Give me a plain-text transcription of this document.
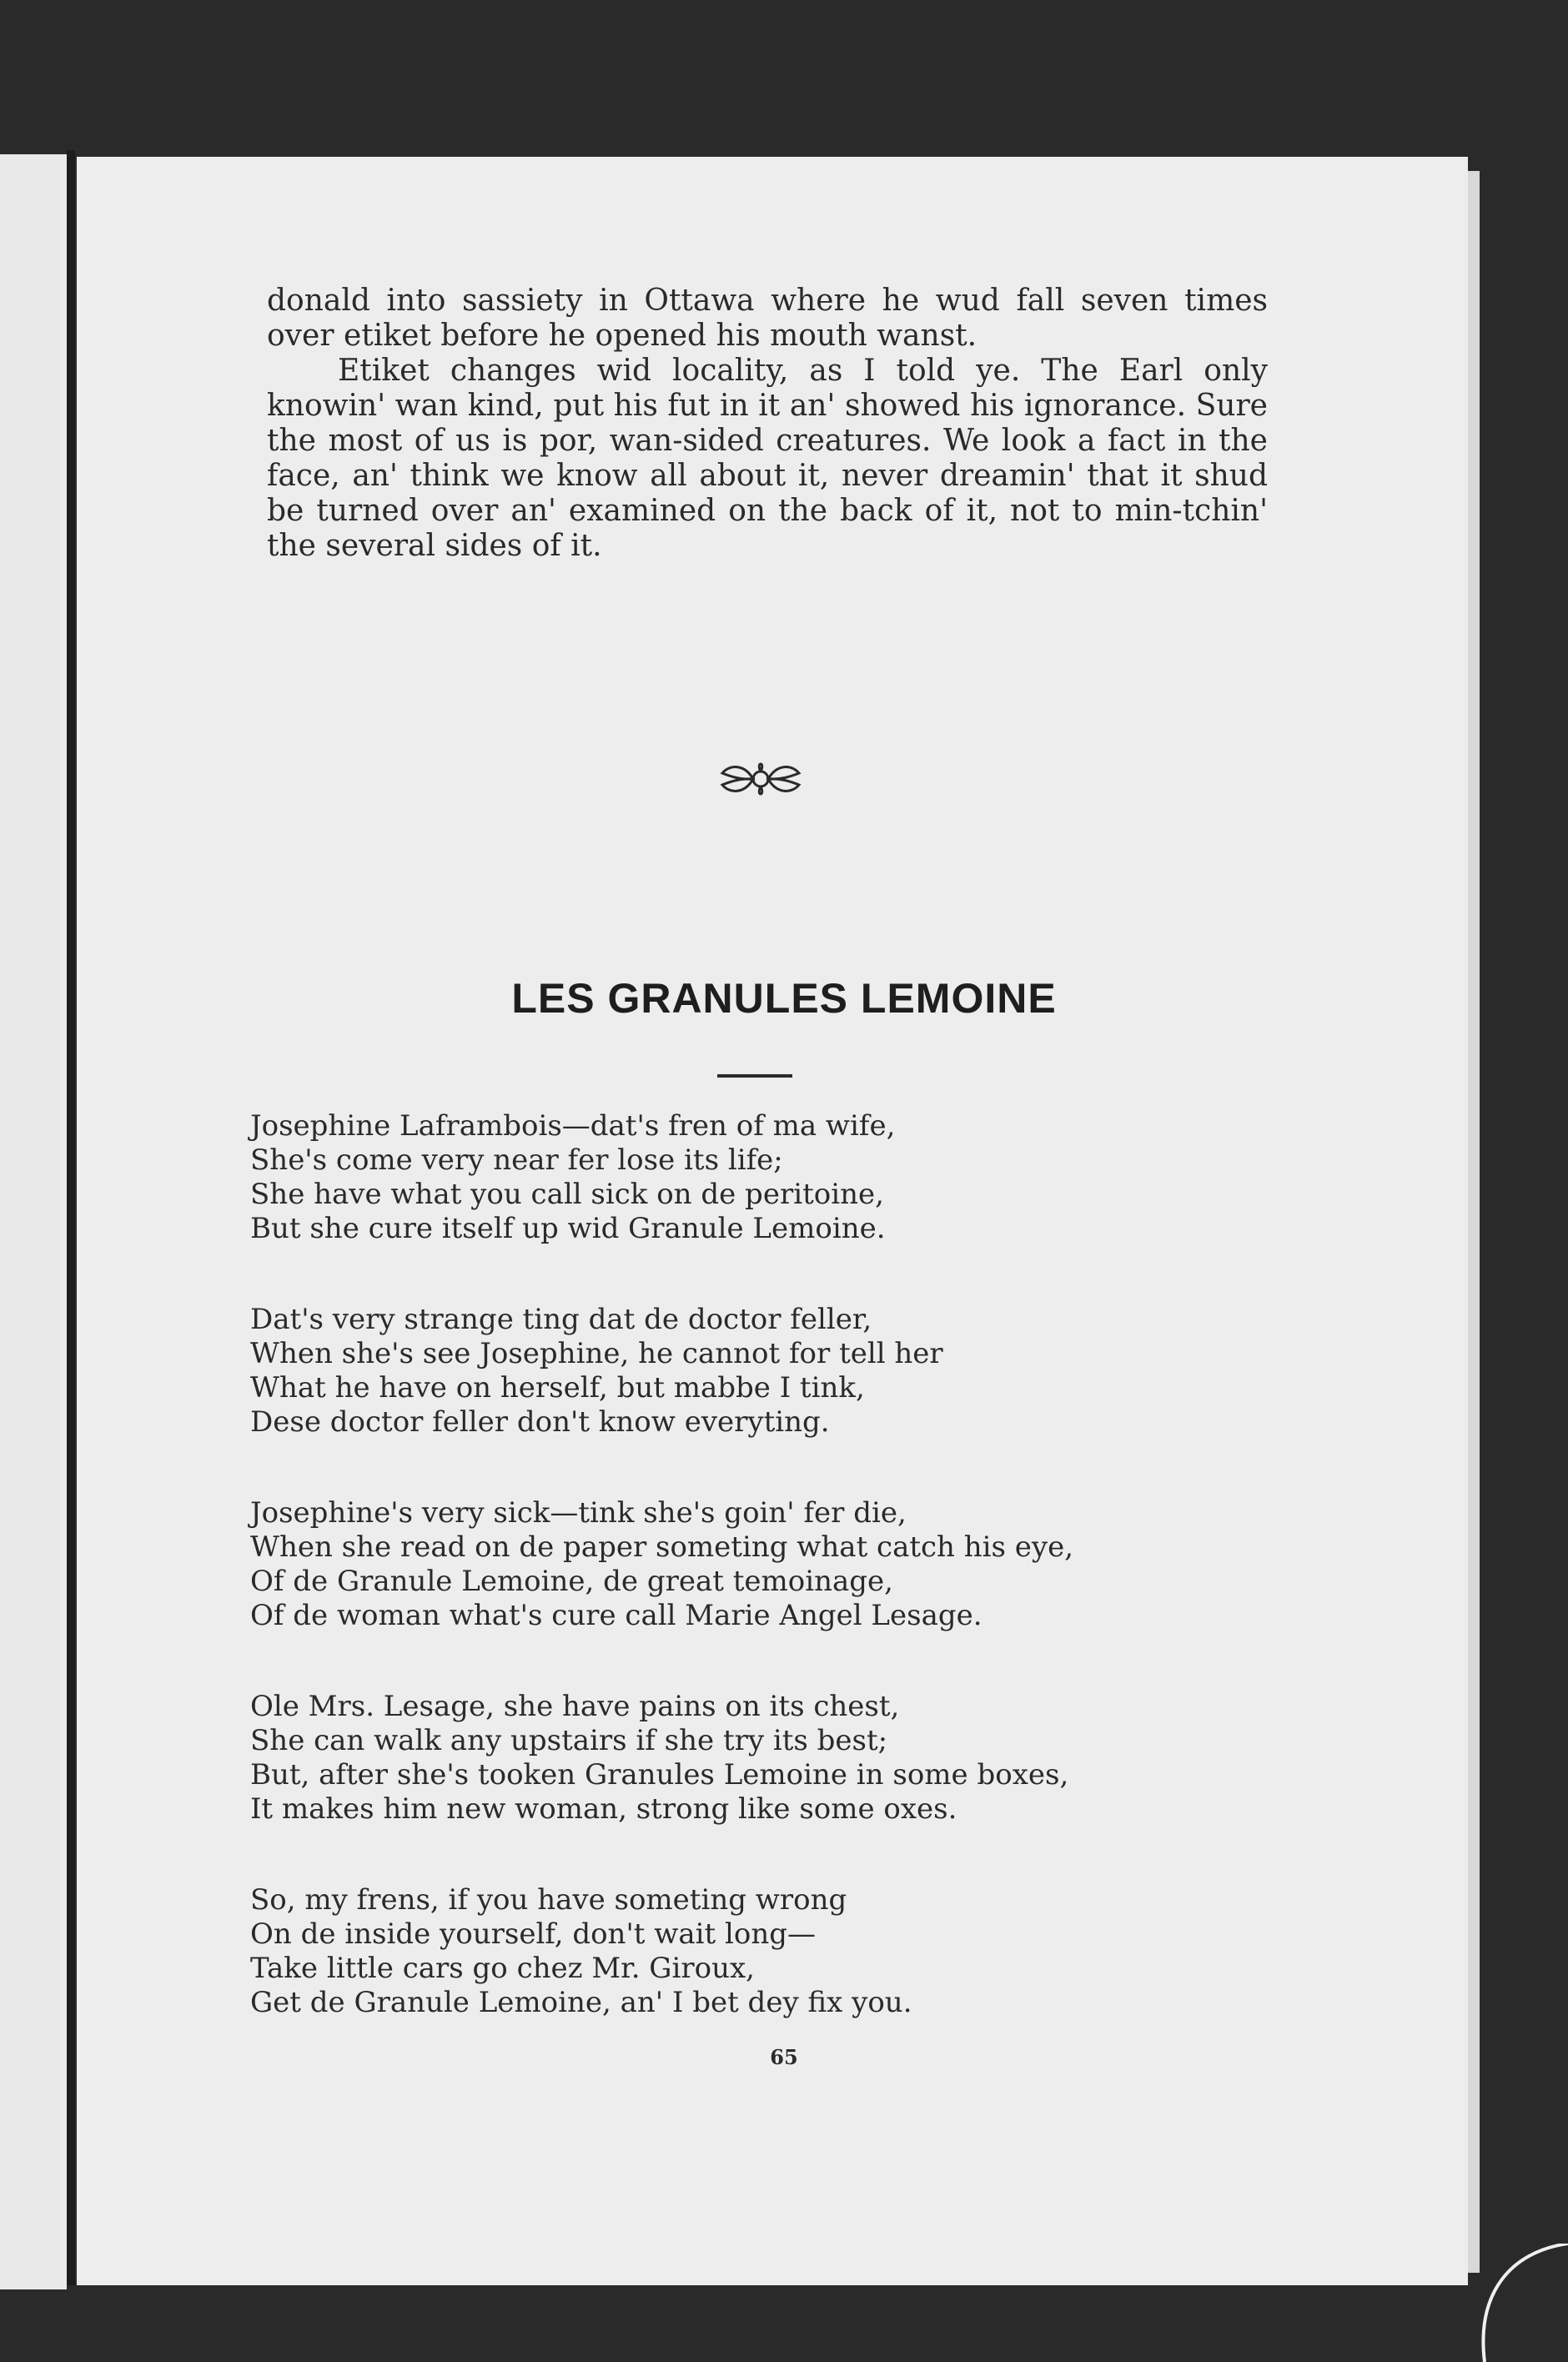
donald into sassiety in Ottawa where he wud fall seven times over etiket before he opened his mouth wanst.

Etiket changes wid locality, as I told ye. The Earl only knowin' wan kind, put his fut in it an' showed his ignorance. Sure the most of us is por, wan-sided creatures. We look a fact in the face, an' think we know all about it, never dreamin' that it shud be turned over an' examined on the back of it, not to min-tchin' the several sides of it.

LES GRANULES LEMOINE
Josephine Laframbois—dat's fren of ma wife,
She's come very near fer lose its life;
She have what you call sick on de peritoine,
But she cure itself up wid Granule Lemoine.
Dat's very strange ting dat de doctor feller,
When she's see Josephine, he cannot for tell her
What he have on herself, but mabbe I tink,
Dese doctor feller don't know everyting.
Josephine's very sick—tink she's goin' fer die,
When she read on de paper someting what catch his eye,
Of de Granule Lemoine, de great temoinage,
Of de woman what's cure call Marie Angel Lesage.
Ole Mrs. Lesage, she have pains on its chest,
She can walk any upstairs if she try its best;
But, after she's tooken Granules Lemoine in some boxes,
It makes him new woman, strong like some oxes.
So, my frens, if you have someting wrong
On de inside yourself, don't wait long—
Take little cars go chez Mr. Giroux,
Get de Granule Lemoine, an' I bet dey fix you.

65
